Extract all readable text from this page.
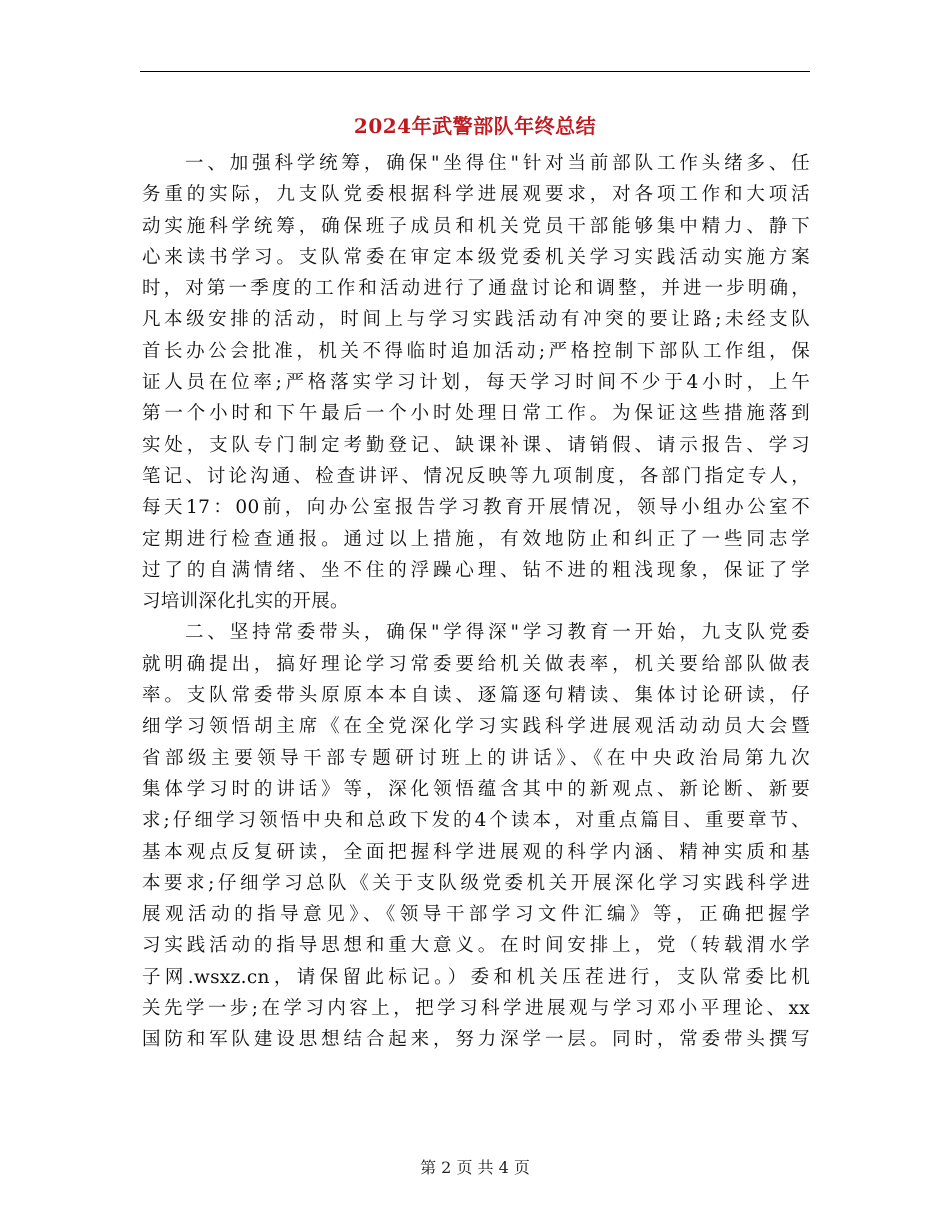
2024年武警部队年终总结
一、加强科学统筹，确保"坐得住"针对当前部队工作头绪多、任
务重的实际，九支队党委根据科学进展观要求，对各项工作和大项活
动实施科学统筹，确保班子成员和机关党员干部能够集中精力、静下
心来读书学习。支队常委在审定本级党委机关学习实践活动实施方案
时，对第一季度的工作和活动进行了通盘讨论和调整，并进一步明确，
凡本级安排的活动，时间上与学习实践活动有冲突的要让路;未经支队
首长办公会批准，机关不得临时追加活动;严格控制下部队工作组，保
证人员在位率;严格落实学习计划，每天学习时间不少于4小时，上午
第一个小时和下午最后一个小时处理日常工作。为保证这些措施落到
实处，支队专门制定考勤登记、缺课补课、请销假、请示报告、学习
笔记、讨论沟通、检查讲评、情况反映等九项制度，各部门指定专人，
每天17：00前，向办公室报告学习教育开展情况，领导小组办公室不
定期进行检查通报。通过以上措施，有效地防止和纠正了一些同志学
过了的自满情绪、坐不住的浮躁心理、钻不进的粗浅现象，保证了学
习培训深化扎实的开展。
二、坚持常委带头，确保"学得深"学习教育一开始，九支队党委
就明确提出，搞好理论学习常委要给机关做表率，机关要给部队做表
率。支队常委带头原原本本自读、逐篇逐句精读、集体讨论研读，仔
细学习领悟胡主席《在全党深化学习实践科学进展观活动动员大会暨
省部级主要领导干部专题研讨班上的讲话》、《在中央政治局第九次
集体学习时的讲话》等，深化领悟蕴含其中的新观点、新论断、新要
求;仔细学习领悟中央和总政下发的4个读本，对重点篇目、重要章节、
基本观点反复研读，全面把握科学进展观的科学内涵、精神实质和基
本要求;仔细学习总队《关于支队级党委机关开展深化学习实践科学进
展观活动的指导意见》、《领导干部学习文件汇编》等，正确把握学
习实践活动的指导思想和重大意义。在时间安排上，党（转载渭水学
子网.wsxz.cn，请保留此标记。）委和机关压茬进行，支队常委比机
关先学一步;在学习内容上，把学习科学进展观与学习邓小平理论、xx
国防和军队建设思想结合起来，努力深学一层。同时，常委带头撰写
第 2 页 共 4 页
